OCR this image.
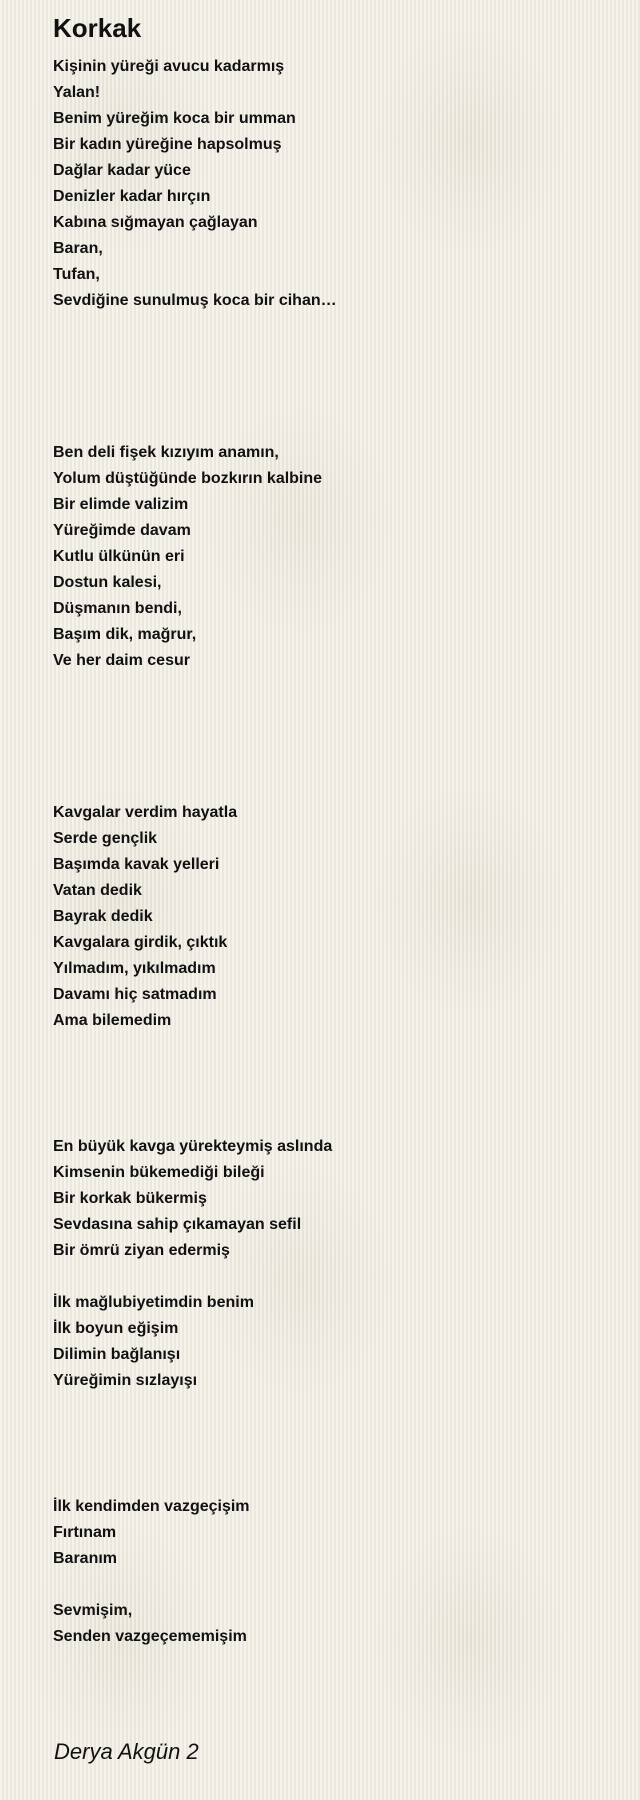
Korkak
Kişinin yüreği avucu kadarmış
Yalan!
Benim yüreğim koca bir umman
Bir kadın yüreğine hapsolmuş
Dağlar kadar yüce
Denizler kadar hırçın
Kabına sığmayan çağlayan
Baran,
Tufan,
Sevdiğine sunulmuş koca bir cihan…
Ben deli fişek kızıyım anamın,
Yolum düştüğünde bozkırın kalbine
Bir elimde valizim
Yüreğimde davam
Kutlu ülkünün eri
Dostun kalesi,
Düşmanın bendi,
Başım dik, mağrur,
Ve her daim cesur
Kavgalar verdim hayatla
Serde gençlik
Başımda kavak yelleri
Vatan dedik
Bayrak dedik
Kavgalara girdik, çıktık
Yılmadım, yıkılmadım
Davamı hiç satmadım
Ama bilemedim
En büyük kavga yürekteymiş aslında
Kimsenin bükemediği bileği
Bir korkak bükermiş
Sevdasına sahip çıkamayan sefil
Bir ömrü ziyan edermiş
İlk mağlubiyetimdin benim
İlk boyun eğişim
Dilimin bağlanışı
Yüreğimin sızlayışı
İlk kendimden vazgeçişim
Fırtınam
Baranım
Sevmişim,
Senden vazgeçememişim
Derya Akgün 2
